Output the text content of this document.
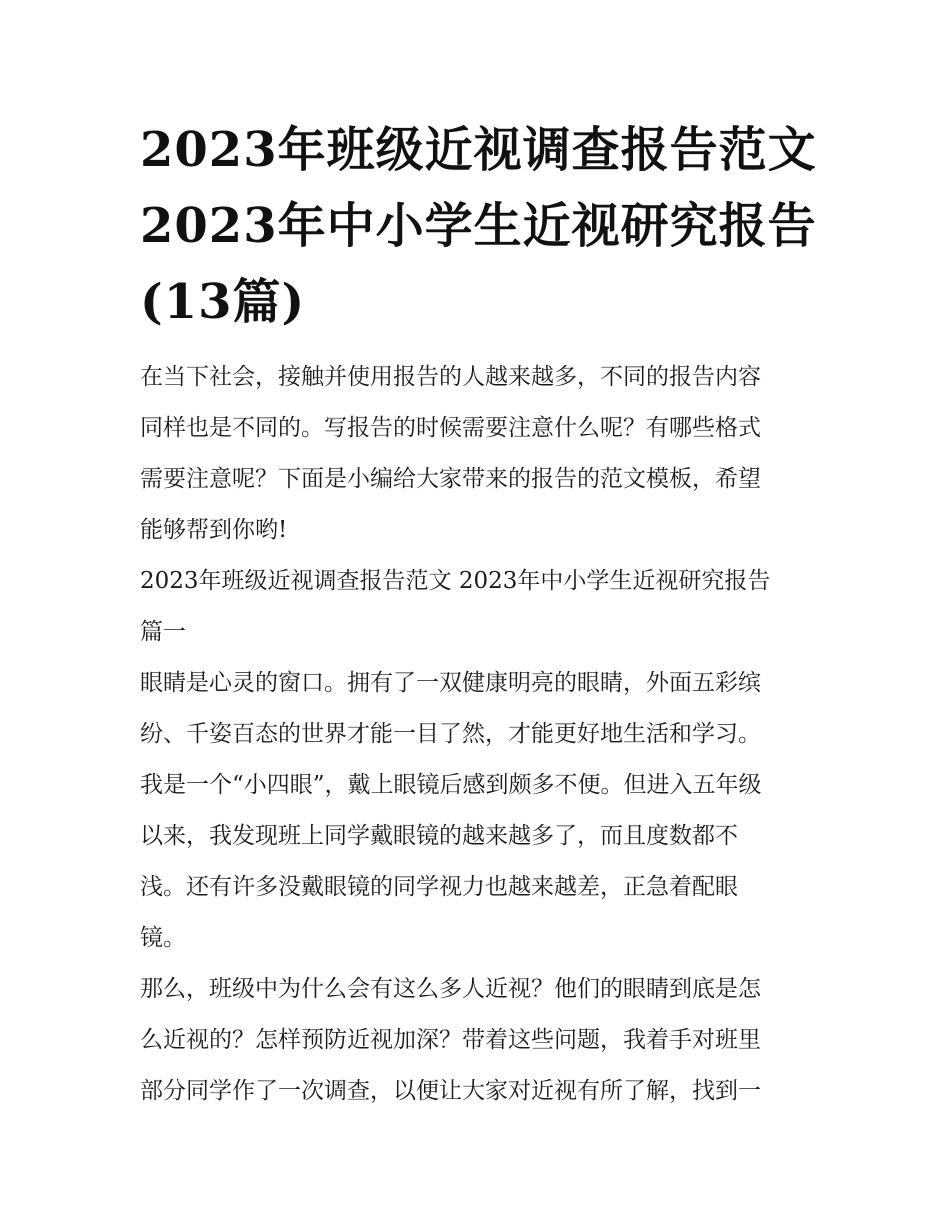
2023年班级近视调查报告范文
2023年中小学生近视研究报告
(13篇)
在当下社会，接触并使用报告的人越来越多，不同的报告内容
同样也是不同的。写报告的时候需要注意什么呢？有哪些格式
需要注意呢？下面是小编给大家带来的报告的范文模板，希望
能够帮到你哟!
2023年班级近视调查报告范文 2023年中小学生近视研究报告
篇一
眼睛是心灵的窗口。拥有了一双健康明亮的眼睛，外面五彩缤
纷、千姿百态的世界才能一目了然，才能更好地生活和学习。
我是一个“小四眼”，戴上眼镜后感到颇多不便。但进入五年级
以来，我发现班上同学戴眼镜的越来越多了，而且度数都不
浅。还有许多没戴眼镜的同学视力也越来越差，正急着配眼
镜。
那么，班级中为什么会有这么多人近视？他们的眼睛到底是怎
么近视的？怎样预防近视加深？带着这些问题，我着手对班里
部分同学作了一次调查，以便让大家对近视有所了解，找到一
